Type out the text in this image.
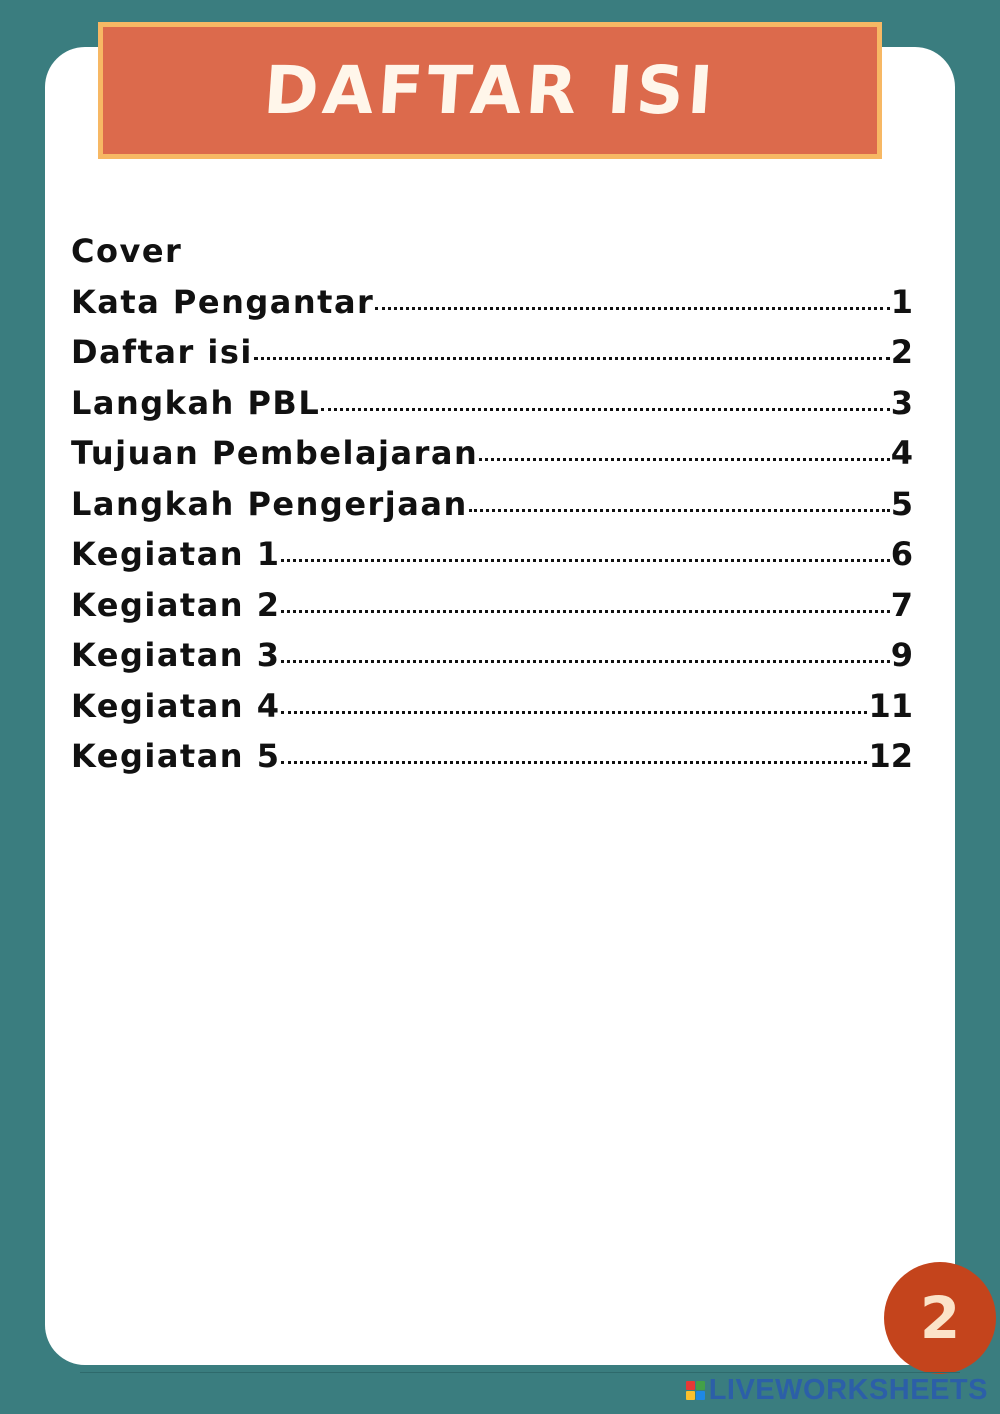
DAFTAR ISI
Cover
Kata Pengantar	1
Daftar isi	2
Langkah PBL	3
Tujuan Pembelajaran	4
Langkah Pengerjaan	5
Kegiatan 1	6
Kegiatan 2	7
Kegiatan 3	9
Kegiatan 4	11
Kegiatan 5	12
2
LIVEWORKSHEETS
